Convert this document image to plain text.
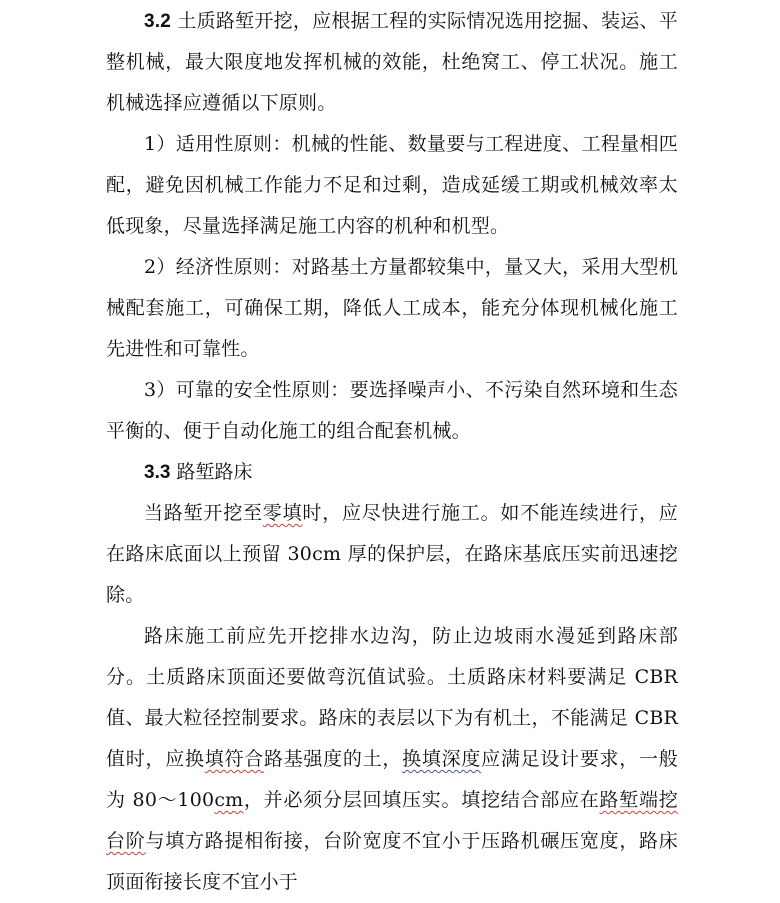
3.2 土质路堑开挖，应根据工程的实际情况选用挖掘、装运、平整机械，最大限度地发挥机械的效能，杜绝窝工、停工状况。施工机械选择应遵循以下原则。

1）适用性原则：机械的性能、数量要与工程进度、工程量相匹配，避免因机械工作能力不足和过剩，造成延缓工期或机械效率太低现象，尽量选择满足施工内容的机种和机型。

2）经济性原则：对路基土方量都较集中，量又大，采用大型机械配套施工，可确保工期，降低人工成本，能充分体现机械化施工先进性和可靠性。

3）可靠的安全性原则：要选择噪声小、不污染自然环境和生态平衡的、便于自动化施工的组合配套机械。

3.3 路堑路床

当路堑开挖至零填时，应尽快进行施工。如不能连续进行，应在路床底面以上预留 30cm 厚的保护层，在路床基底压实前迅速挖除。

路床施工前应先开挖排水边沟，防止边坡雨水漫延到路床部分。土质路床顶面还要做弯沉值试验。土质路床材料要满足 CBR 值、最大粒径控制要求。路床的表层以下为有机土，不能满足 CBR 值时，应换填符合路基强度的土，换填深度应满足设计要求，一般为 80～100cm，并必须分层回填压实。填挖结合部应在路堑端挖台阶与填方路提相衔接，台阶宽度不宜小于压路机碾压宽度，路床顶面衔接长度不宜小于
